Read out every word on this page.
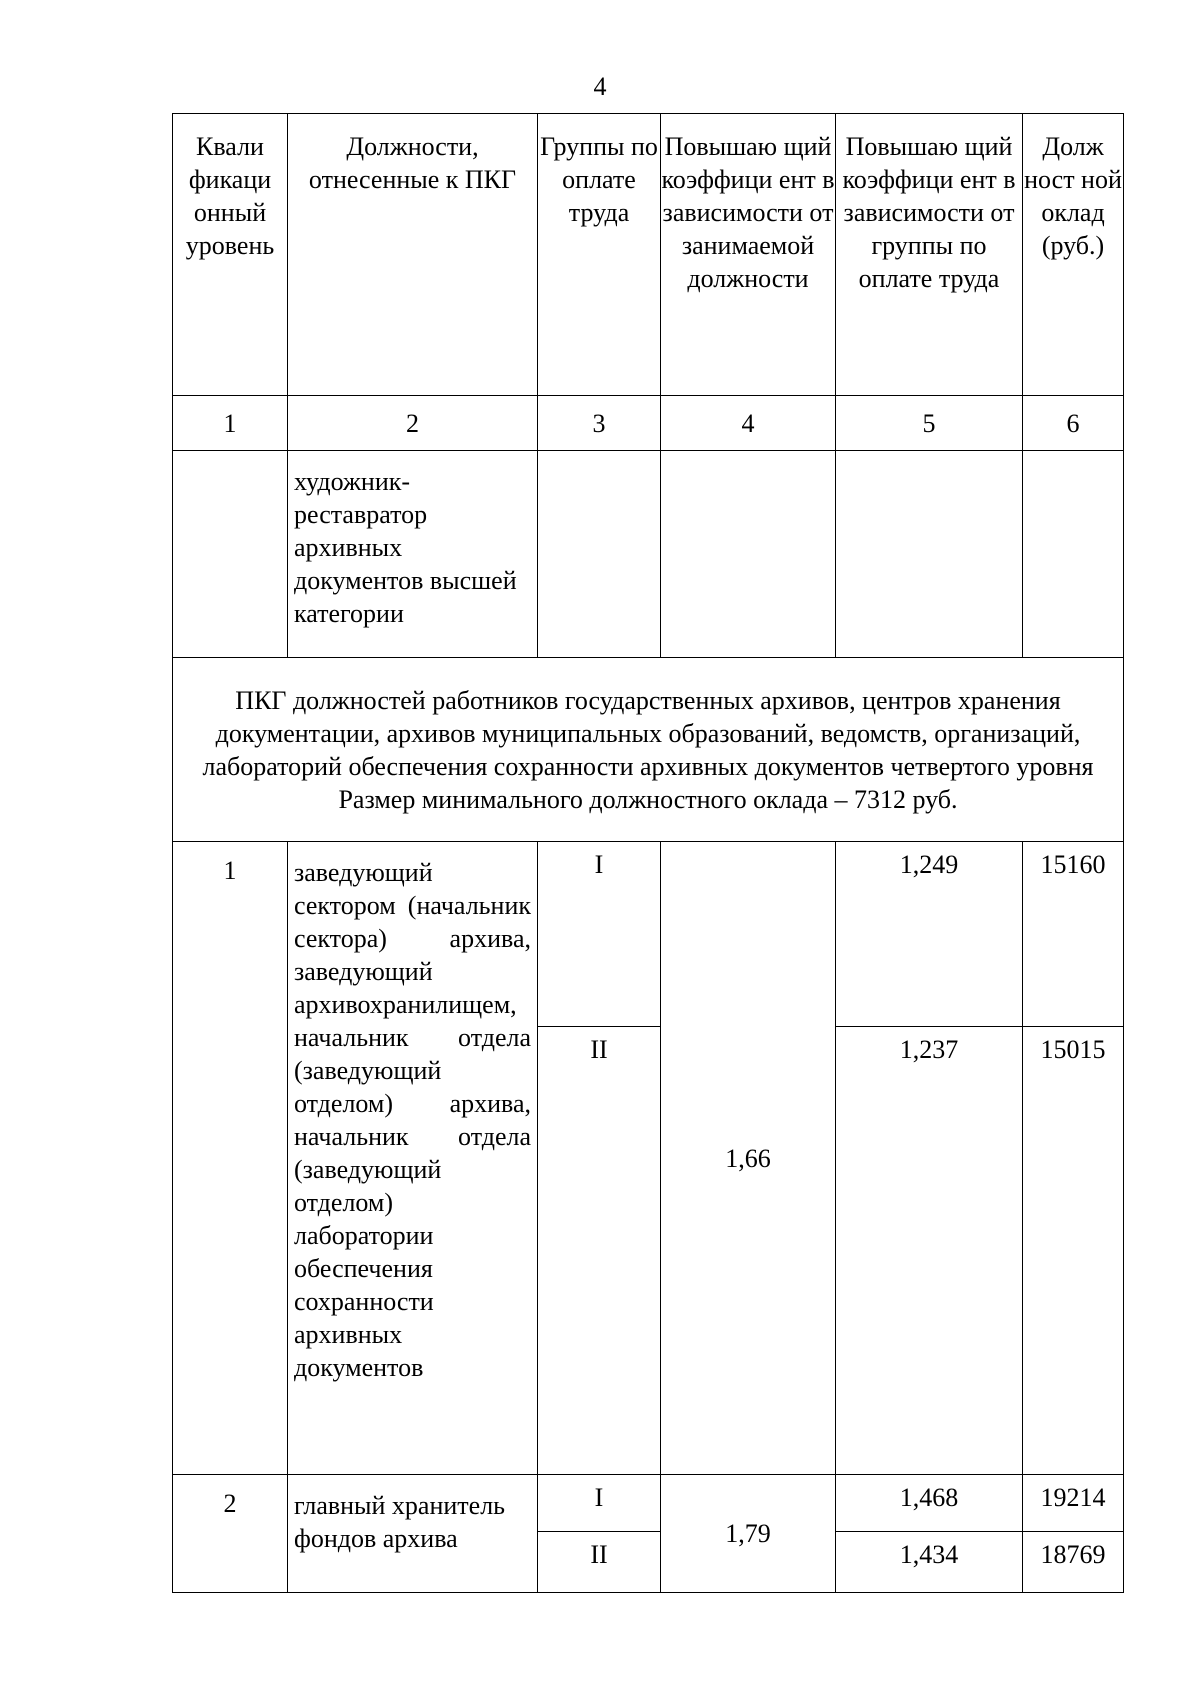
4
Квали фикаци онный уровень	Должности, отнесенные к ПКГ	Группы по оплате труда	Повышаю щий коэффици ент в зависимости от занимаемой должности	Повышаю щий коэффици ент в зависимости от группы по оплате труда	Долж ност ной оклад (руб.)
1	2	3	4	5	6
	художник-реставратор архивных документов высшей категории				

ПКГ должностей работников государственных архивов, центров хранения документации, архивов муниципальных образований, ведомств, организаций, лабораторий обеспечения сохранности архивных документов четвертого уровня
Размер минимального должностного оклада – 7312 руб.					

1	заведующий сектором (начальник сектора) архива, заведующий архивохранилищем, начальник отдела (заведующий отделом) архива, начальник отдела (заведующий отделом) лаборатории обеспечения сохранности архивных документов	I	1,66	1,249	15160
		II		1,237	15015
2	главный хранитель фондов архива	I	1,79	1,468	19214
		II		1,434	18769
